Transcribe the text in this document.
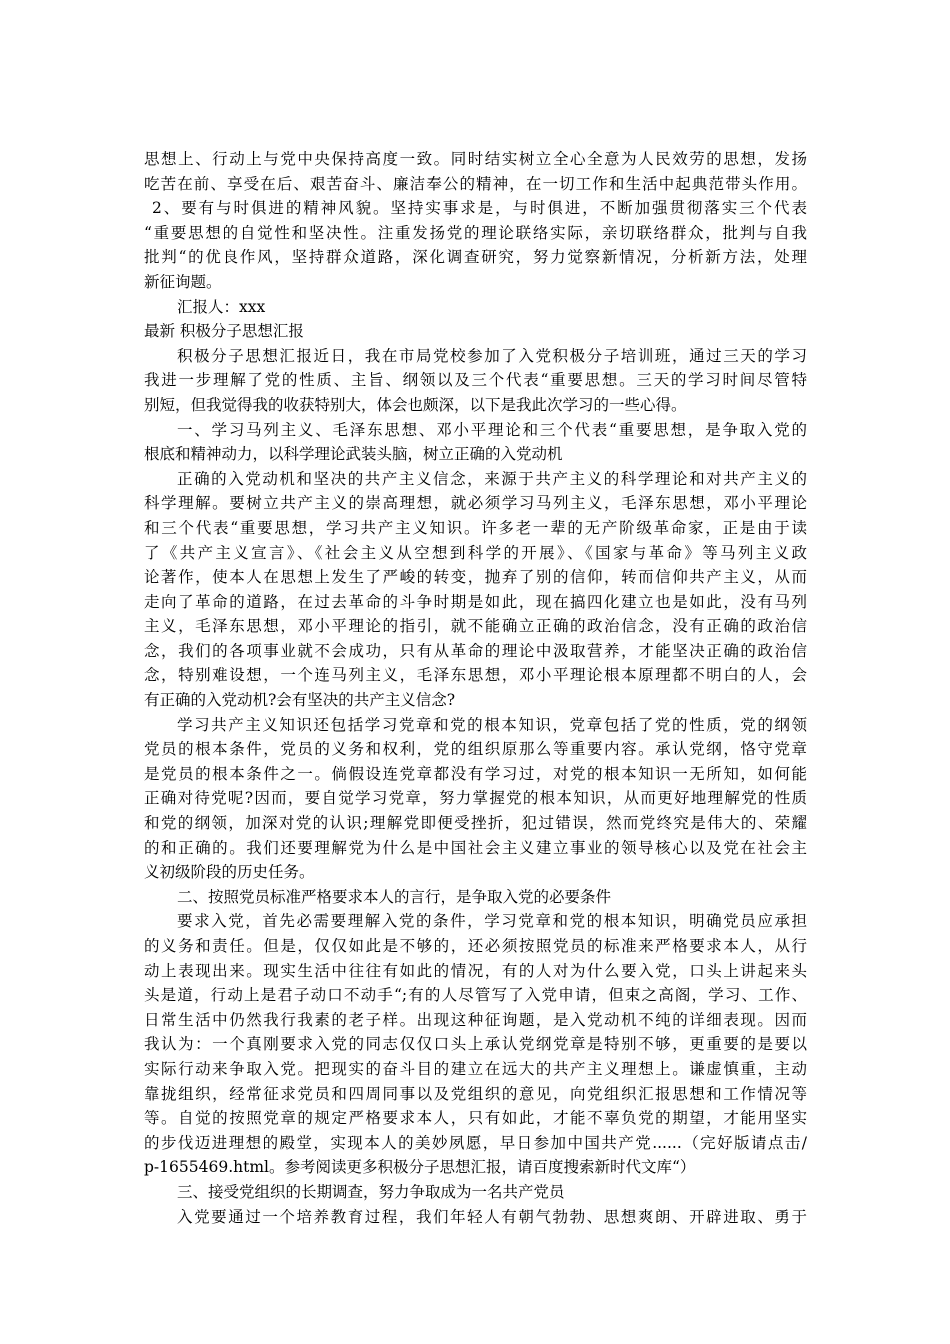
思想上、行动上与党中央保持高度一致。同时结实树立全心全意为人民效劳的思想，发扬
吃苦在前、享受在后、艰苦奋斗、廉洁奉公的精神，在一切工作和生活中起典范带头作用。
2、要有与时俱进的精神风貌。坚持实事求是，与时俱进，不断加强贯彻落实三个代表
“重要思想的自觉性和坚决性。注重发扬党的理论联络实际，亲切联络群众，批判与自我
批判“的优良作风，坚持群众道路，深化调查研究，努力觉察新情况，分析新方法，处理
新征询题。
汇报人：xxx
最新 积极分子思想汇报
积极分子思想汇报近日，我在市局党校参加了入党积极分子培训班，通过三天的学习
我进一步理解了党的性质、主旨、纲领以及三个代表“重要思想。三天的学习时间尽管特
别短，但我觉得我的收获特别大，体会也颇深，以下是我此次学习的一些心得。
一、学习马列主义、毛泽东思想、邓小平理论和三个代表“重要思想，是争取入党的
根底和精神动力，以科学理论武装头脑，树立正确的入党动机
正确的入党动机和坚决的共产主义信念，来源于共产主义的科学理论和对共产主义的
科学理解。要树立共产主义的崇高理想，就必须学习马列主义，毛泽东思想，邓小平理论
和三个代表“重要思想，学习共产主义知识。许多老一辈的无产阶级革命家，正是由于读
了《共产主义宣言》、《社会主义从空想到科学的开展》、《国家与革命》等马列主义政
论著作，使本人在思想上发生了严峻的转变，抛弃了别的信仰，转而信仰共产主义，从而
走向了革命的道路，在过去革命的斗争时期是如此，现在搞四化建立也是如此，没有马列
主义，毛泽东思想，邓小平理论的指引，就不能确立正确的政治信念，没有正确的政治信
念，我们的各项事业就不会成功，只有从革命的理论中汲取营养，才能坚决正确的政治信
念，特别难设想，一个连马列主义，毛泽东思想，邓小平理论根本原理都不明白的人，会
有正确的入党动机?会有坚决的共产主义信念?
学习共产主义知识还包括学习党章和党的根本知识，党章包括了党的性质，党的纲领
党员的根本条件，党员的义务和权利，党的组织原那么等重要内容。承认党纲，恪守党章
是党员的根本条件之一。倘假设连党章都没有学习过，对党的根本知识一无所知，如何能
正确对待党呢?因而，要自觉学习党章，努力掌握党的根本知识，从而更好地理解党的性质
和党的纲领，加深对党的认识;理解党即便受挫折，犯过错误，然而党终究是伟大的、荣耀
的和正确的。我们还要理解党为什么是中国社会主义建立事业的领导核心以及党在社会主
义初级阶段的历史任务。
二、按照党员标准严格要求本人的言行，是争取入党的必要条件
要求入党，首先必需要理解入党的条件，学习党章和党的根本知识，明确党员应承担
的义务和责任。但是，仅仅如此是不够的，还必须按照党员的标准来严格要求本人，从行
动上表现出来。现实生活中往往有如此的情况，有的人对为什么要入党，口头上讲起来头
头是道，行动上是君子动口不动手“;有的人尽管写了入党申请，但束之高阁，学习、工作、
日常生活中仍然我行我素的老子样。出现这种征询题，是入党动机不纯的详细表现。因而
我认为：一个真刚要求入党的同志仅仅口头上承认党纲党章是特别不够，更重要的是要以
实际行动来争取入党。把现实的奋斗目的建立在远大的共产主义理想上。谦虚慎重，主动
靠拢组织，经常征求党员和四周同事以及党组织的意见，向党组织汇报思想和工作情况等
等。自觉的按照党章的规定严格要求本人，只有如此，才能不辜负党的期望，才能用坚实
的步伐迈进理想的殿堂，实现本人的美妙夙愿，早日参加中国共产党......（完好版请点击/
p-1655469.html。参考阅读更多积极分子思想汇报，请百度搜索新时代文库“）
三、接受党组织的长期调查，努力争取成为一名共产党员
入党要通过一个培养教育过程，我们年轻人有朝气勃勃、思想爽朗、开辟进取、勇于
